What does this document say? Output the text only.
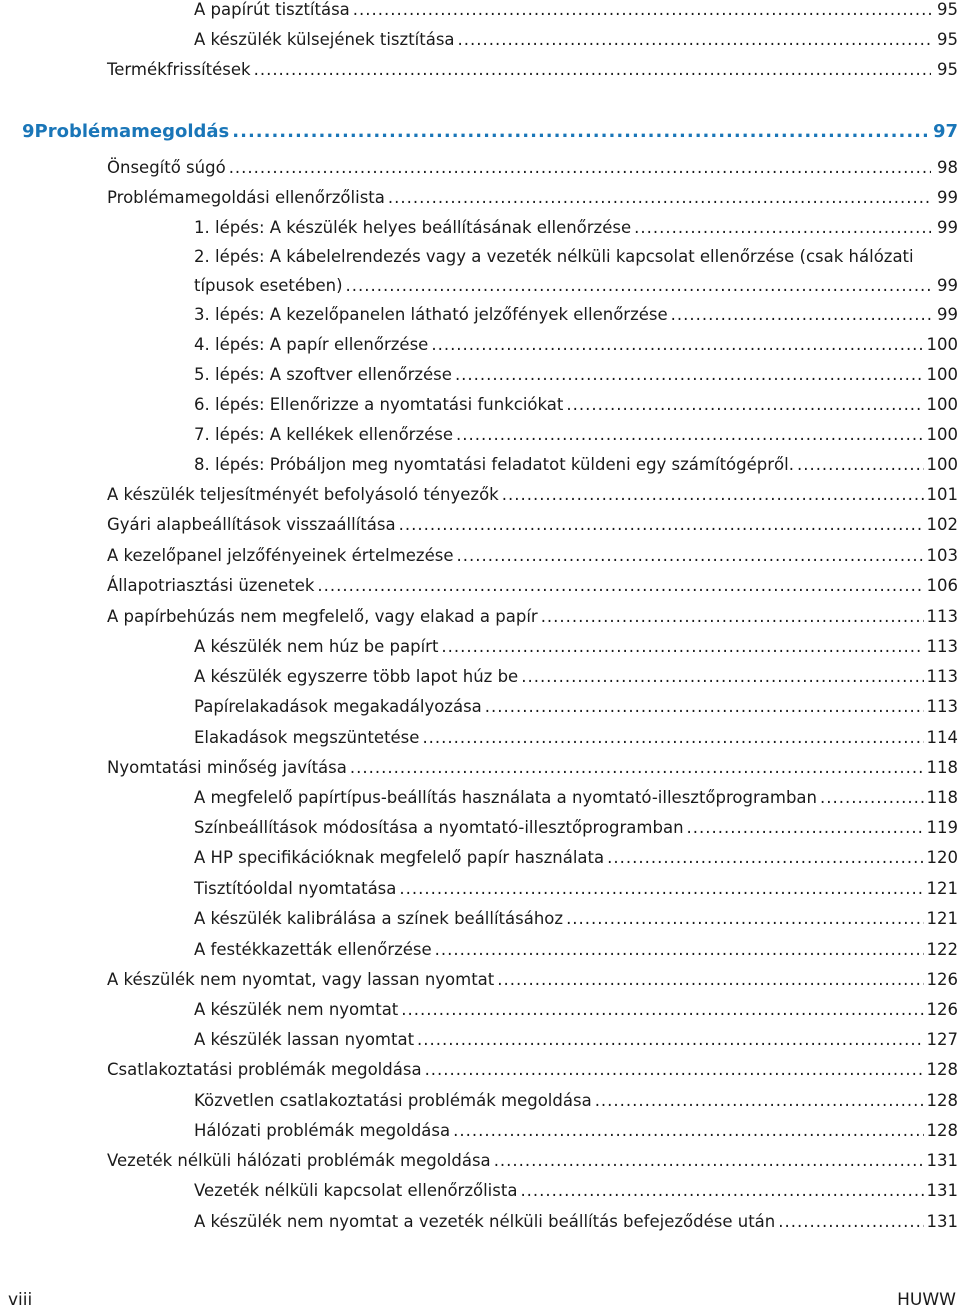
A papírút tisztítása .....	95
A készülék külsejének tisztítása .....	95
Termékfrissítések .....	95
9 Problémamegoldás .....	97
Önsegítő súgó .....	98
Problémamegoldási ellenőrzőlista .....	99
1. lépés: A készülék helyes beállításának ellenőrzése .....	99
2. lépés: A kábelelrendezés vagy a vezeték nélküli kapcsolat ellenőrzése (csak hálózati
típusok esetében) .....	99
3. lépés: A kezelőpanelen látható jelzőfények ellenőrzése .....	99
4. lépés: A papír ellenőrzése .....	100
5. lépés: A szoftver ellenőrzése .....	100
6. lépés: Ellenőrizze a nyomtatási funkciókat .....	100
7. lépés: A kellékek ellenőrzése .....	100
8. lépés: Próbáljon meg nyomtatási feladatot küldeni egy számítógépről. .....	100
A készülék teljesítményét befolyásoló tényezők .....	101
Gyári alapbeállítások visszaállítása .....	102
A kezelőpanel jelzőfényeinek értelmezése .....	103
Állapotriasztási üzenetek .....	106
A papírbehúzás nem megfelelő, vagy elakad a papír .....	113
A készülék nem húz be papírt .....	113
A készülék egyszerre több lapot húz be .....	113
Papírelakadások megakadályozása .....	113
Elakadások megszüntetése .....	114
Nyomtatási minőség javítása .....	118
A megfelelő papírtípus-beállítás használata a nyomtató-illesztőprogramban .....	118
Színbeállítások módosítása a nyomtató-illesztőprogramban .....	119
A HP specifikációknak megfelelő papír használata .....	120
Tisztítóoldal nyomtatása .....	121
A készülék kalibrálása a színek beállításához .....	121
A festékkazetták ellenőrzése .....	122
A készülék nem nyomtat, vagy lassan nyomtat .....	126
A készülék nem nyomtat .....	126
A készülék lassan nyomtat .....	127
Csatlakoztatási problémák megoldása .....	128
Közvetlen csatlakoztatási problémák megoldása .....	128
Hálózati problémák megoldása .....	128
Vezeték nélküli hálózati problémák megoldása .....	131
Vezeték nélküli kapcsolat ellenőrzőlista .....	131
A készülék nem nyomtat a vezeték nélküli beállítás befejeződése után .....	131
viii	HUWW
